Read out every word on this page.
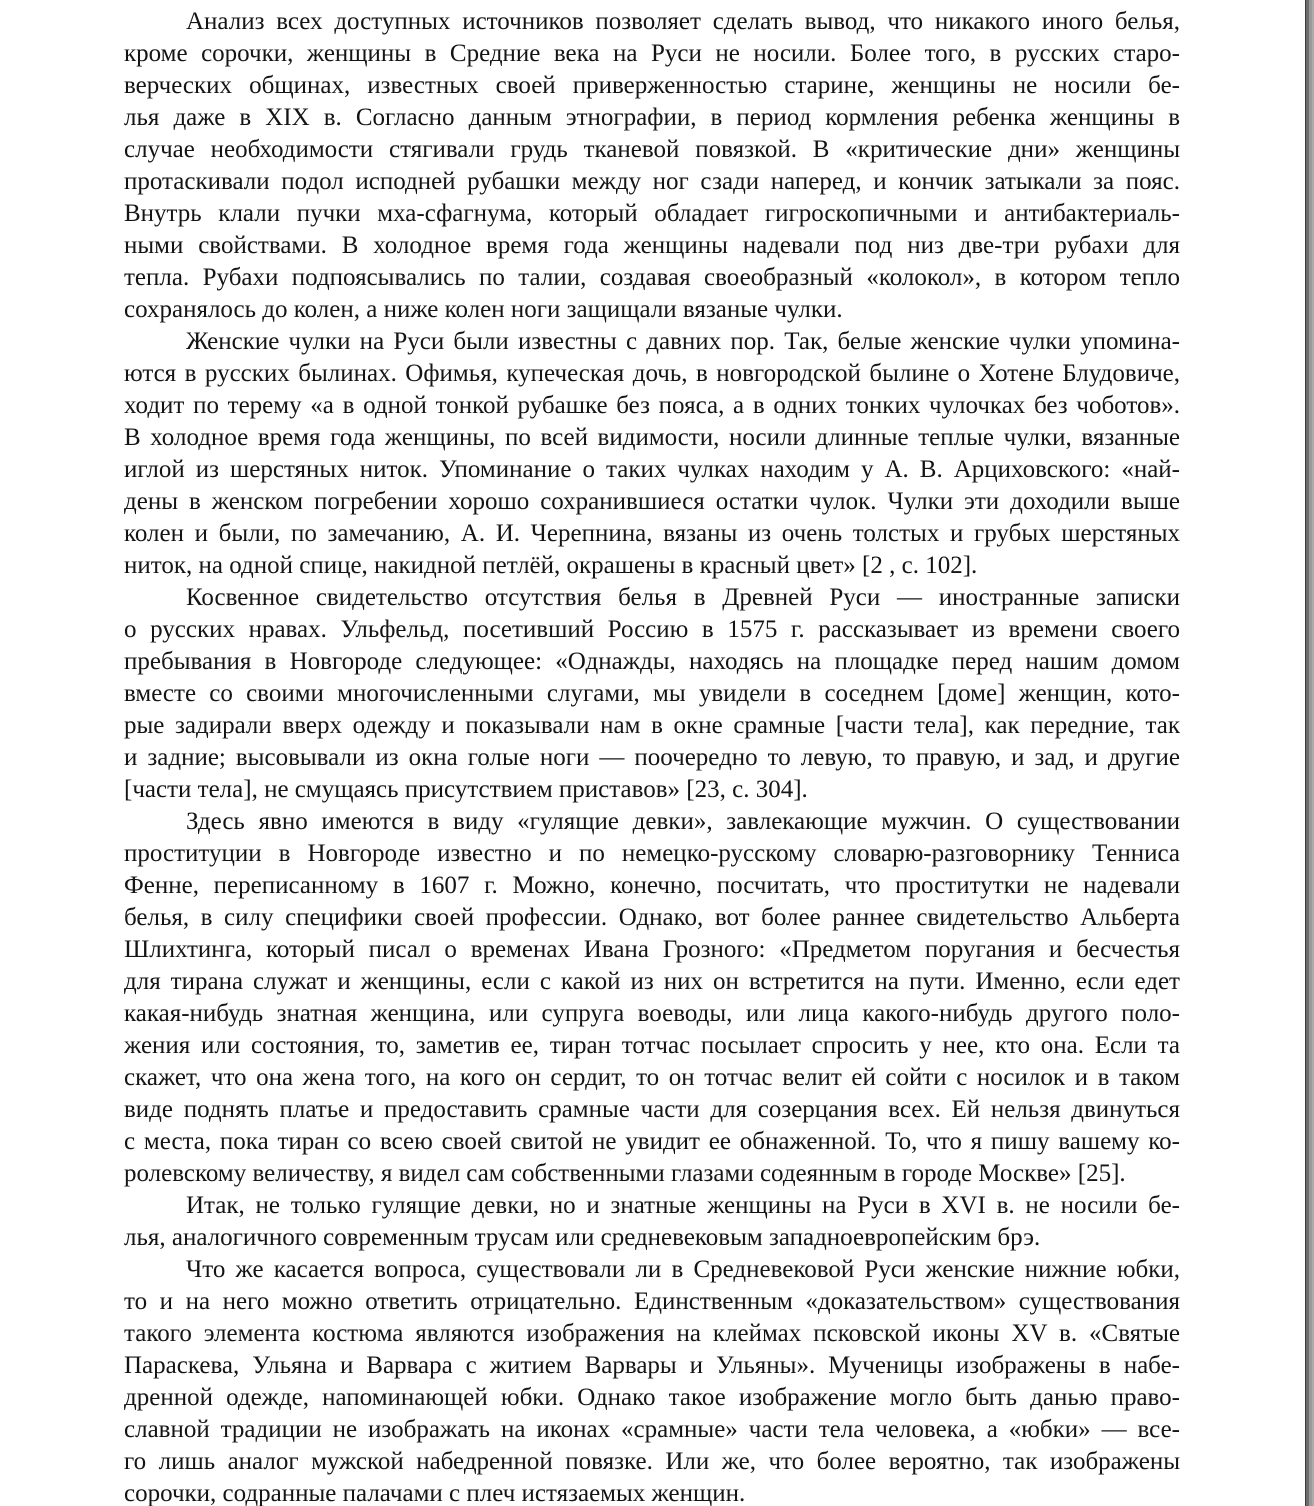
Анализ всех доступных источников позволяет сделать вывод, что никакого иного белья,
кроме сорочки, женщины в Средние века на Руси не носили. Более того, в русских старо-
верческих общинах, известных своей приверженностью старине, женщины не носили бе-
лья даже в XIX в. Согласно данным этнографии, в период кормления ребенка женщины в
случае необходимости стягивали грудь тканевой повязкой. В «критические дни» женщины
протаскивали подол исподней рубашки между ног сзади наперед, и кончик затыкали за пояс.
Внутрь клали пучки мха-сфагнума, который обладает гигроскопичными и антибактериаль-
ными свойствами. В холодное время года женщины надевали под низ две-три рубахи для
тепла. Рубахи подпоясывались по талии, создавая своеобразный «колокол», в котором тепло
сохранялось до колен, а ниже колен ноги защищали вязаные чулки.
Женские чулки на Руси были известны с давних пор. Так, белые женские чулки упомина-
ются в русских былинах. Офимья, купеческая дочь, в новгородской былине о Хотене Блудовиче,
ходит по терему «а в одной тонкой рубашке без пояса, а в одних тонких чулочках без чоботов».
В холодное время года женщины, по всей видимости, носили длинные теплые чулки, вязанные
иглой из шерстяных ниток. Упоминание о таких чулках находим у А. В. Арциховского: «най-
дены в женском погребении хорошо сохранившиеся остатки чулок. Чулки эти доходили выше
колен и были, по замечанию, А. И. Черепнина, вязаны из очень толстых и грубых шерстяных
ниток, на одной спице, накидной петлёй, окрашены в красный цвет» [2 , с. 102].
Косвенное свидетельство отсутствия белья в Древней Руси — иностранные записки
о русских нравах. Ульфельд, посетивший Россию в 1575 г. рассказывает из времени своего
пребывания в Новгороде следующее: «Однажды, находясь на площадке перед нашим домом
вместе со своими многочисленными слугами, мы увидели в соседнем [доме] женщин, кото-
рые задирали вверх одежду и показывали нам в окне срамные [части тела], как передние, так
и задние; высовывали из окна голые ноги — поочередно то левую, то правую, и зад, и другие
[части тела], не смущаясь присутствием приставов» [23, с. 304].
Здесь явно имеются в виду «гулящие девки», завлекающие мужчин. О существовании
проституции в Новгороде известно и по немецко-русскому словарю-разговорнику Тенниса
Фенне, переписанному в 1607 г. Можно, конечно, посчитать, что проститутки не надевали
белья, в силу специфики своей профессии. Однако, вот более раннее свидетельство Альберта
Шлихтинга, который писал о временах Ивана Грозного: «Предметом поругания и бесчестья
для тирана служат и женщины, если с какой из них он встретится на пути. Именно, если едет
какая-нибудь знатная женщина, или супруга воеводы, или лица какого-нибудь другого поло-
жения или состояния, то, заметив ее, тиран тотчас посылает спросить у нее, кто она. Если та
скажет, что она жена того, на кого он сердит, то он тотчас велит ей сойти с носилок и в таком
виде поднять платье и предоставить срамные части для созерцания всех. Ей нельзя двинуться
с места, пока тиран со всею своей свитой не увидит ее обнаженной. То, что я пишу вашему ко-
ролевскому величеству, я видел сам собственными глазами содеянным в городе Москве» [25].
Итак, не только гулящие девки, но и знатные женщины на Руси в XVI в. не носили бе-
лья, аналогичного современным трусам или средневековым западноевропейским брэ.
Что же касается вопроса, существовали ли в Средневековой Руси женские нижние юбки,
то и на него можно ответить отрицательно. Единственным «доказательством» существования
такого элемента костюма являются изображения на клеймах псковской иконы XV в. «Святые
Параскева, Ульяна и Варвара с житием Варвары и Ульяны». Мученицы изображены в набе-
дренной одежде, напоминающей юбки. Однако такое изображение могло быть данью право-
славной традиции не изображать на иконах «срамные» части тела человека, а «юбки» — все-
го лишь аналог мужской набедренной повязке. Или же, что более вероятно, так изображены
сорочки, содранные палачами с плеч истязаемых женщин.
